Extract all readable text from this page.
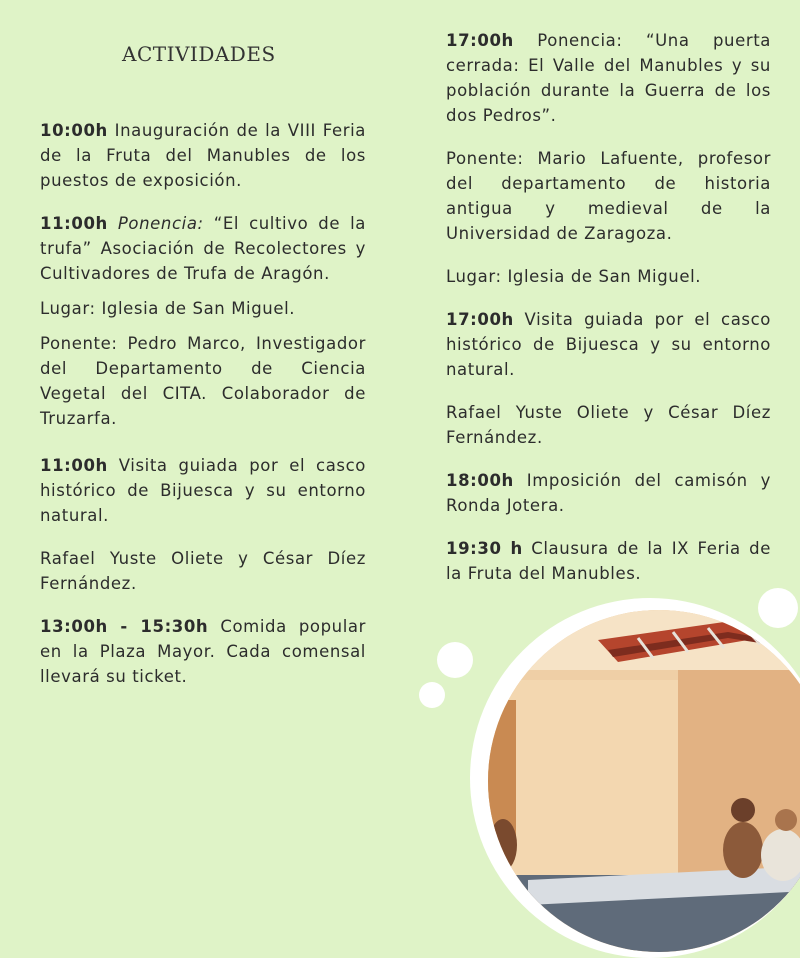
ACTIVIDADES

10:00h Inauguración de la VIII Feria de la Fruta del Manubles de los puestos de exposición.

11:00h Ponencia: “El cultivo de la trufa” Asociación de Recolectores y Cultivadores de Trufa de Aragón.

Lugar: Iglesia de San Miguel.

Ponente: Pedro Marco, Investigador del Departamento de Ciencia Vegetal del CITA. Colaborador de Truzarfa.

11:00h Visita guiada por el casco histórico de Bijuesca y su entorno natural.

Rafael Yuste Oliete y César Díez Fernández.

13:00h - 15:30h Comida popular en la Plaza Mayor. Cada comensal llevará su ticket.

17:00h Ponencia: “Una puerta cerrada: El Valle del Manubles y su población durante la Guerra de los dos Pedros”.

Ponente: Mario Lafuente, profesor del departamento de historia antigua y medieval de la Universidad de Zaragoza.

Lugar: Iglesia de San Miguel.

17:00h Visita guiada por el casco histórico de Bijuesca y su entorno natural.

Rafael Yuste Oliete y César Díez Fernández.

18:00h Imposición del camisón y Ronda Jotera.

19:30 h Clausura de la IX Feria de la Fruta del Manubles.
